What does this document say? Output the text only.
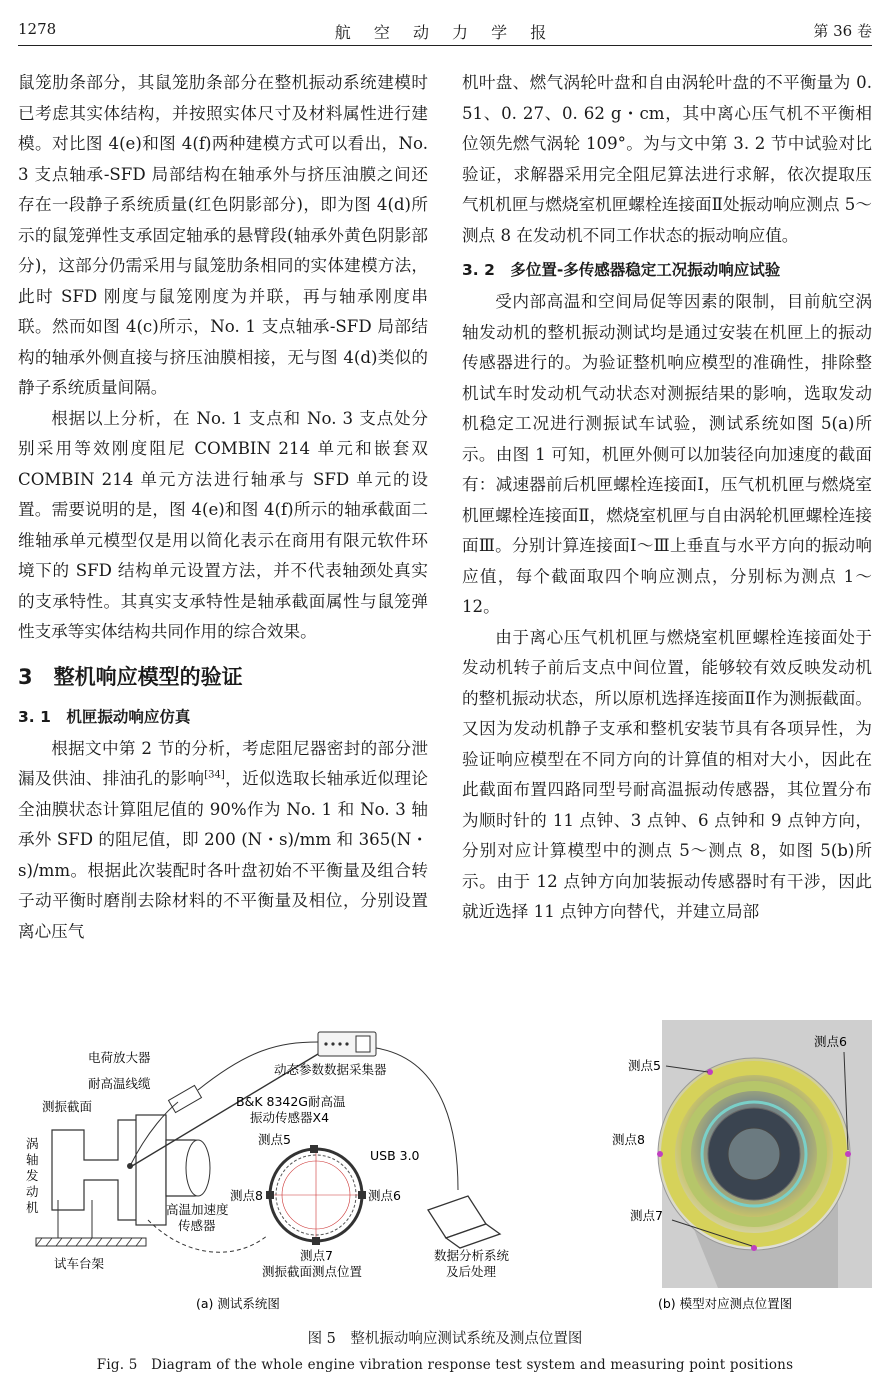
1278	航 空 动 力 学 报	第 36 卷

鼠笼肋条部分，其鼠笼肋条部分在整机振动系统建模时已考虑其实体结构，并按照实体尺寸及材料属性进行建模。对比图 4(e)和图 4(f)两种建模方式可以看出，No. 3 支点轴承-SFD 局部结构在轴承外与挤压油膜之间还存在一段静子系统质量(红色阴影部分)，即为图 4(d)所示的鼠笼弹性支承固定轴承的悬臂段(轴承外黄色阴影部分)，这部分仍需采用与鼠笼肋条相同的实体建模方法，此时 SFD 刚度与鼠笼刚度为并联，再与轴承刚度串联。然而如图 4(c)所示，No. 1 支点轴承-SFD 局部结构的轴承外侧直接与挤压油膜相接，无与图 4(d)类似的静子系统质量间隔。

根据以上分析，在 No. 1 支点和 No. 3 支点处分别采用等效刚度阻尼 COMBIN 214 单元和嵌套双 COMBIN 214 单元方法进行轴承与 SFD 单元的设置。需要说明的是，图 4(e)和图 4(f)所示的轴承截面二维轴承单元模型仅是用以简化表示在商用有限元软件环境下的 SFD 结构单元设置方法，并不代表轴颈处真实的支承特性。其真实支承特性是轴承截面属性与鼠笼弹性支承等实体结构共同作用的综合效果。

3　整机响应模型的验证
3. 1　机匣振动响应仿真

根据文中第 2 节的分析，考虑阻尼器密封的部分泄漏及供油、排油孔的影响[34]，近似选取长轴承近似理论全油膜状态计算阻尼值的 90%作为 No. 1 和 No. 3 轴承外 SFD 的阻尼值，即 200 (N・s)/mm 和 365(N・s)/mm。根据此次装配时各叶盘初始不平衡量及组合转子动平衡时磨削去除材料的不平衡量及相位，分别设置离心压气

机叶盘、燃气涡轮叶盘和自由涡轮叶盘的不平衡量为 0. 51、0. 27、0. 62 g・cm，其中离心压气机不平衡相位领先燃气涡轮 109°。为与文中第 3. 2 节中试验对比验证，求解器采用完全阻尼算法进行求解，依次提取压气机机匣与燃烧室机匣螺栓连接面Ⅱ处振动响应测点 5～测点 8 在发动机不同工作状态的振动响应值。

3. 2　多位置-多传感器稳定工况振动响应试验

受内部高温和空间局促等因素的限制，目前航空涡轴发动机的整机振动测试均是通过安装在机匣上的振动传感器进行的。为验证整机响应模型的准确性，排除整机试车时发动机气动状态对测振结果的影响，选取发动机稳定工况进行测振试车试验，测试系统如图 5(a)所示。由图 1 可知，机匣外侧可以加装径向加速度的截面有：减速器前后机匣螺栓连接面Ⅰ，压气机机匣与燃烧室机匣螺栓连接面Ⅱ，燃烧室机匣与自由涡轮机匣螺栓连接面Ⅲ。分别计算连接面Ⅰ～Ⅲ上垂直与水平方向的振动响应值，每个截面取四个响应测点，分别标为测点 1～12。

由于离心压气机机匣与燃烧室机匣螺栓连接面处于发动机转子前后支点中间位置，能够较有效反映发动机的整机振动状态，所以原机选择连接面Ⅱ作为测振截面。又因为发动机静子支承和整机安装节具有各项异性，为验证响应模型在不同方向的计算值的相对大小，因此在此截面布置四路同型号耐高温振动传感器，其位置分布为顺时针的 11 点钟、3 点钟、6 点钟和 9 点钟方向，分别对应计算模型中的测点 5～测点 8，如图 5(b)所示。由于 12 点钟方向加装振动传感器时有干涉，因此就近选择 11 点钟方向替代，并建立局部

电荷放大器
耐高温线缆
测振截面
涡
轴
发
动
机
动态参数数据采集器
B&K 8342G耐高温
振动传感器X4
USB 3.0
测点5
测点6
测点8
测点7
高温加速度
传感器
测振截面测点位置
试车台架
数据分析系统
及后处理
(a) 测试系统图
测点5
测点6
测点7
测点8
(b) 模型对应测点位置图
图 5　整机振动响应测试系统及测点位置图
Fig. 5　Diagram of the whole engine vibration response test system and measuring point positions
